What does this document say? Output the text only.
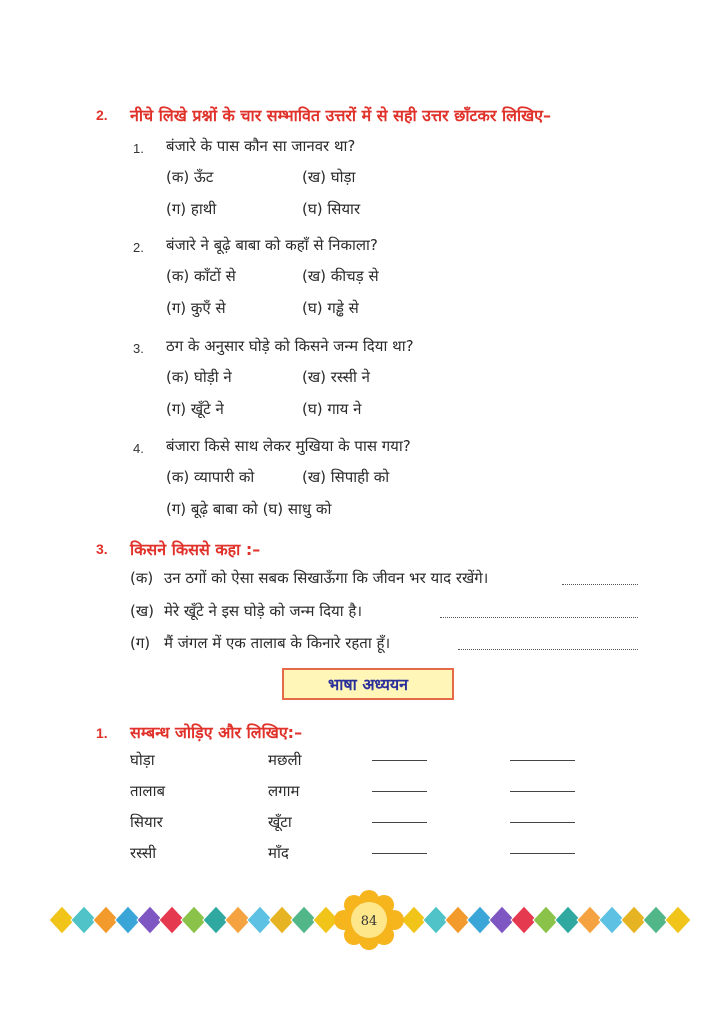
2. नीचे लिखे प्रश्नों के चार सम्भावित उत्तरों में से सही उत्तर छाँटकर लिखिए–
1. बंजारे के पास कौन सा जानवर था?
(क) ऊँट	(ख) घोड़ा
(ग) हाथी	(घ) सियार
2. बंजारे ने बूढ़े बाबा को कहाँ से निकाला?
(क) काँटों से	(ख) कीचड़ से
(ग) कुएँ से	(घ) गड्ढे से
3. ठग के अनुसार घोड़े को किसने जन्म दिया था?
(क) घोड़ी ने	(ख) रस्सी ने
(ग) खूँटे ने	(घ) गाय ने
4. बंजारा किसे साथ लेकर मुखिया के पास गया?
(क) व्यापारी को	(ख) सिपाही को
(ग) बूढ़े बाबा को (घ) साधु को
3. किसने किससे कहा :–
(क) उन ठगों को ऐसा सबक सिखाऊँगा कि जीवन भर याद रखेंगे।
(ख) मेरे खूँटे ने इस घोड़े को जन्म दिया है।
(ग) मैं जंगल में एक तालाब के किनारे रहता हूँ।
भाषा अध्ययन
1. सम्बन्ध जोड़िए और लिखिए:–
घोड़ा	मछली
तालाब	लगाम
सियार	खूँटा
रस्सी	माँद
84
